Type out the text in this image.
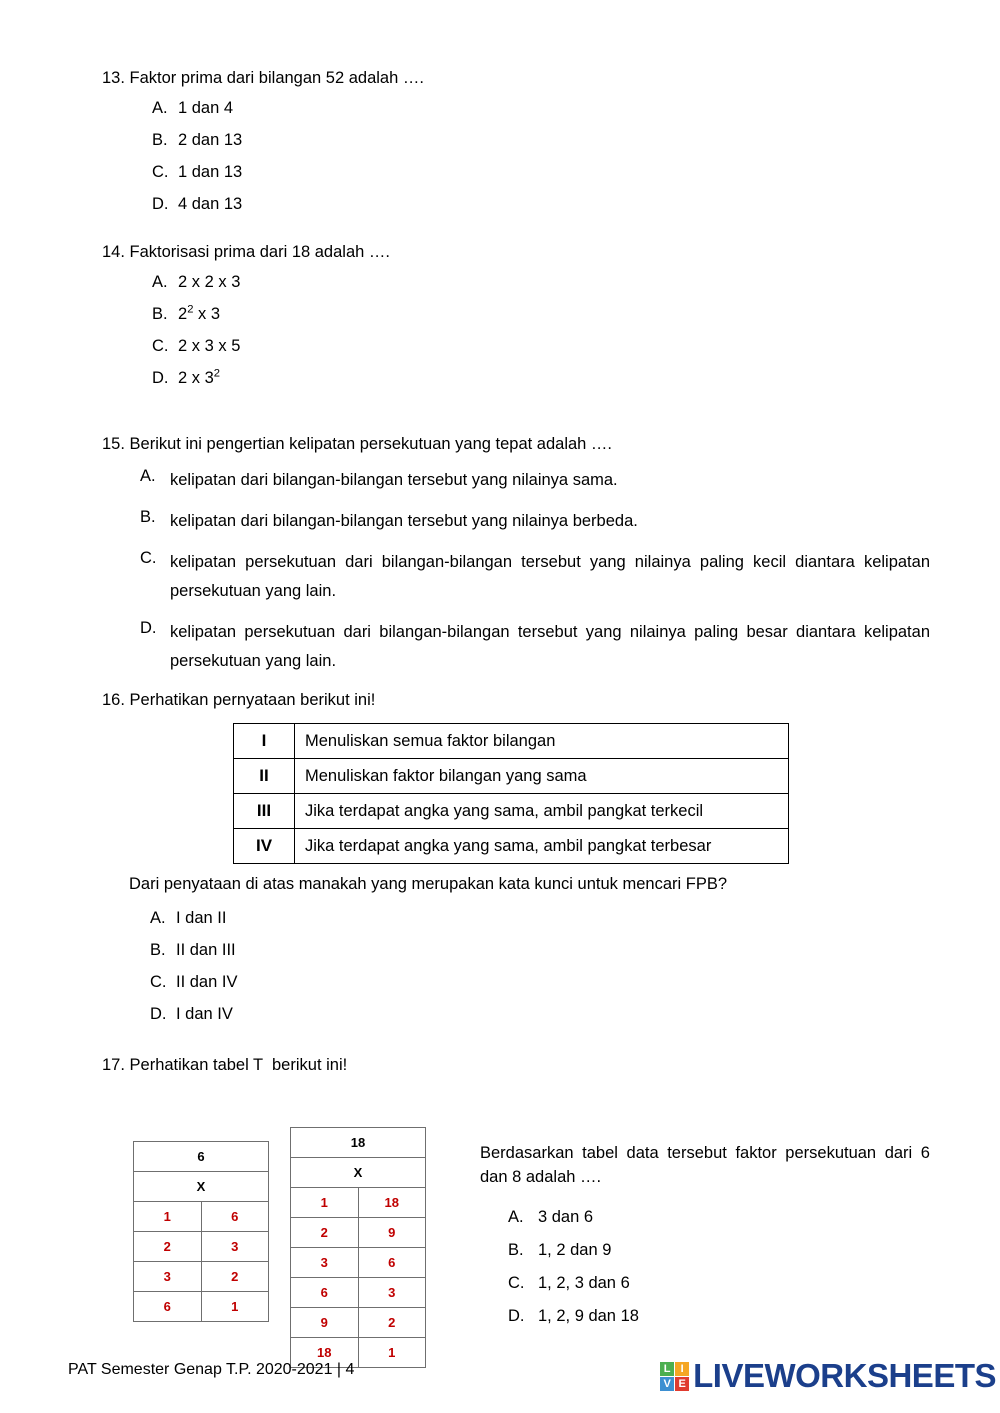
13. Faktor prima dari bilangan 52 adalah ….
A. 1 dan 4
B. 2 dan 13
C. 1 dan 13
D. 4 dan 13
14. Faktorisasi prima dari 18 adalah ….
A. 2 x 2 x 3
B. $2^2$ x 3
C. 2 x 3 x 5
D. 2 x $3^2$
15. Berikut ini pengertian kelipatan persekutuan yang tepat adalah ….
A. kelipatan dari bilangan-bilangan tersebut yang nilainya sama.
B. kelipatan dari bilangan-bilangan tersebut yang nilainya berbeda.
C. kelipatan persekutuan dari bilangan-bilangan tersebut yang nilainya paling kecil diantara kelipatan persekutuan yang lain.
D. kelipatan persekutuan dari bilangan-bilangan tersebut yang nilainya paling besar diantara kelipatan persekutuan yang lain.
16. Perhatikan pernyataan berikut ini!
I	Menuliskan semua faktor bilangan
II	Menuliskan faktor bilangan yang sama
III	Jika terdapat angka yang sama, ambil pangkat terkecil
IV	Jika terdapat angka yang sama, ambil pangkat terbesar
Dari penyataan di atas manakah yang merupakan kata kunci untuk mencari FPB?
A. I dan II
B. II dan III
C. II dan IV
D. I dan IV
17. Perhatikan tabel T  berikut ini!
6	
X	
1	6
2	3
3	2
6	1
18	
X	
1	18
2	9
3	6
6	3
9	2
18	1
Berdasarkan tabel data tersebut faktor persekutuan dari 6 dan 8 adalah ….
A. 3 dan 6
B. 1, 2 dan 9
C. 1, 2, 3 dan 6
D. 1, 2, 9 dan 18
PAT Semester Genap T.P. 2020-2021 | 4	L I
V E LIVEWORKSHEETS
